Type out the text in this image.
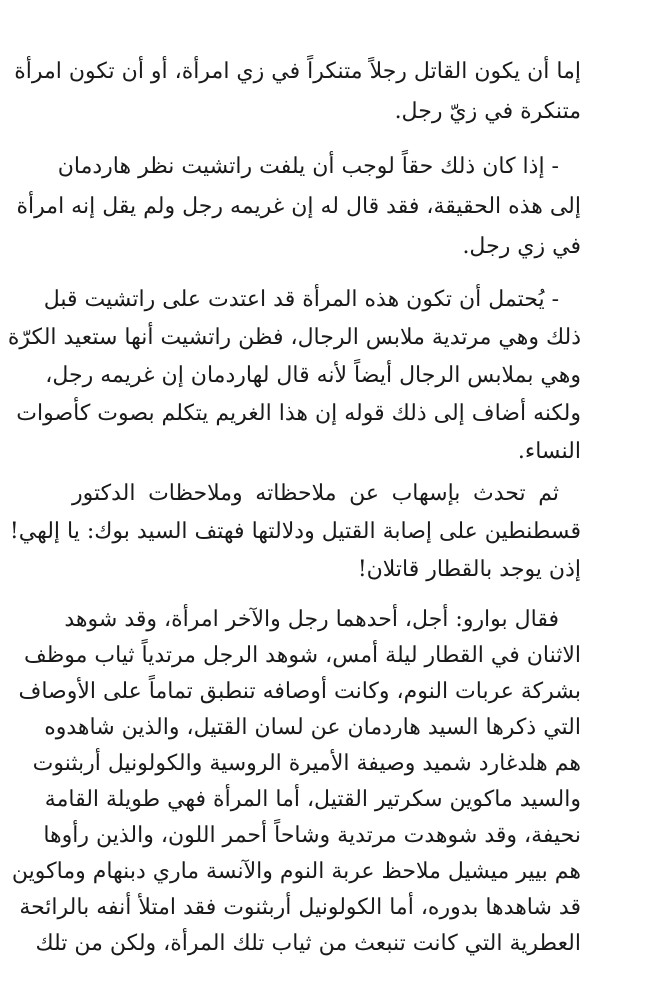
إما أن يكون القاتل رجلاً متنكراً في زي امرأة، أو أن تكون امرأة
متنكرة في زيّ رجل.
- إذا كان ذلك حقاً لوجب أن يلفت راتشيت نظر هاردمان
إلى هذه الحقيقة، فقد قال له إن غريمه رجل ولم يقل إنه امرأة
في زي رجل.
- يُحتمل أن تكون هذه المرأة قد اعتدت على راتشيت قبل
ذلك وهي مرتدية ملابس الرجال، فظن راتشيت أنها ستعيد الكرّة
وهي بملابس الرجال أيضاً لأنه قال لهاردمان إن غريمه رجل،
ولكنه أضاف إلى ذلك قوله إن هذا الغريم يتكلم بصوت كأصوات
النساء.
ثم تحدث بإسهاب عن ملاحظاته وملاحظات الدكتور
قسطنطين على إصابة القتيل ودلالتها فهتف السيد بوك: يا إلهي!
إذن يوجد بالقطار قاتلان!
فقال بوارو: أجل، أحدهما رجل والآخر امرأة، وقد شوهد
الاثنان في القطار ليلة أمس، شوهد الرجل مرتدياً ثياب موظف
بشركة عربات النوم، وكانت أوصافه تنطبق تماماً على الأوصاف
التي ذكرها السيد هاردمان عن لسان القتيل، والذين شاهدوه
هم هلدغارد شميد وصيفة الأميرة الروسية والكولونيل أربثنوت
والسيد ماكوين سكرتير القتيل، أما المرأة فهي طويلة القامة
نحيفة، وقد شوهدت مرتدية وشاحاً أحمر اللون، والذين رأوها
هم بيير ميشيل ملاحظ عربة النوم والآنسة ماري دبنهام وماكوين
قد شاهدها بدوره، أما الكولونيل أربثنوت فقد امتلأ أنفه بالرائحة
العطرية التي كانت تنبعث من ثياب تلك المرأة، ولكن من تلك
